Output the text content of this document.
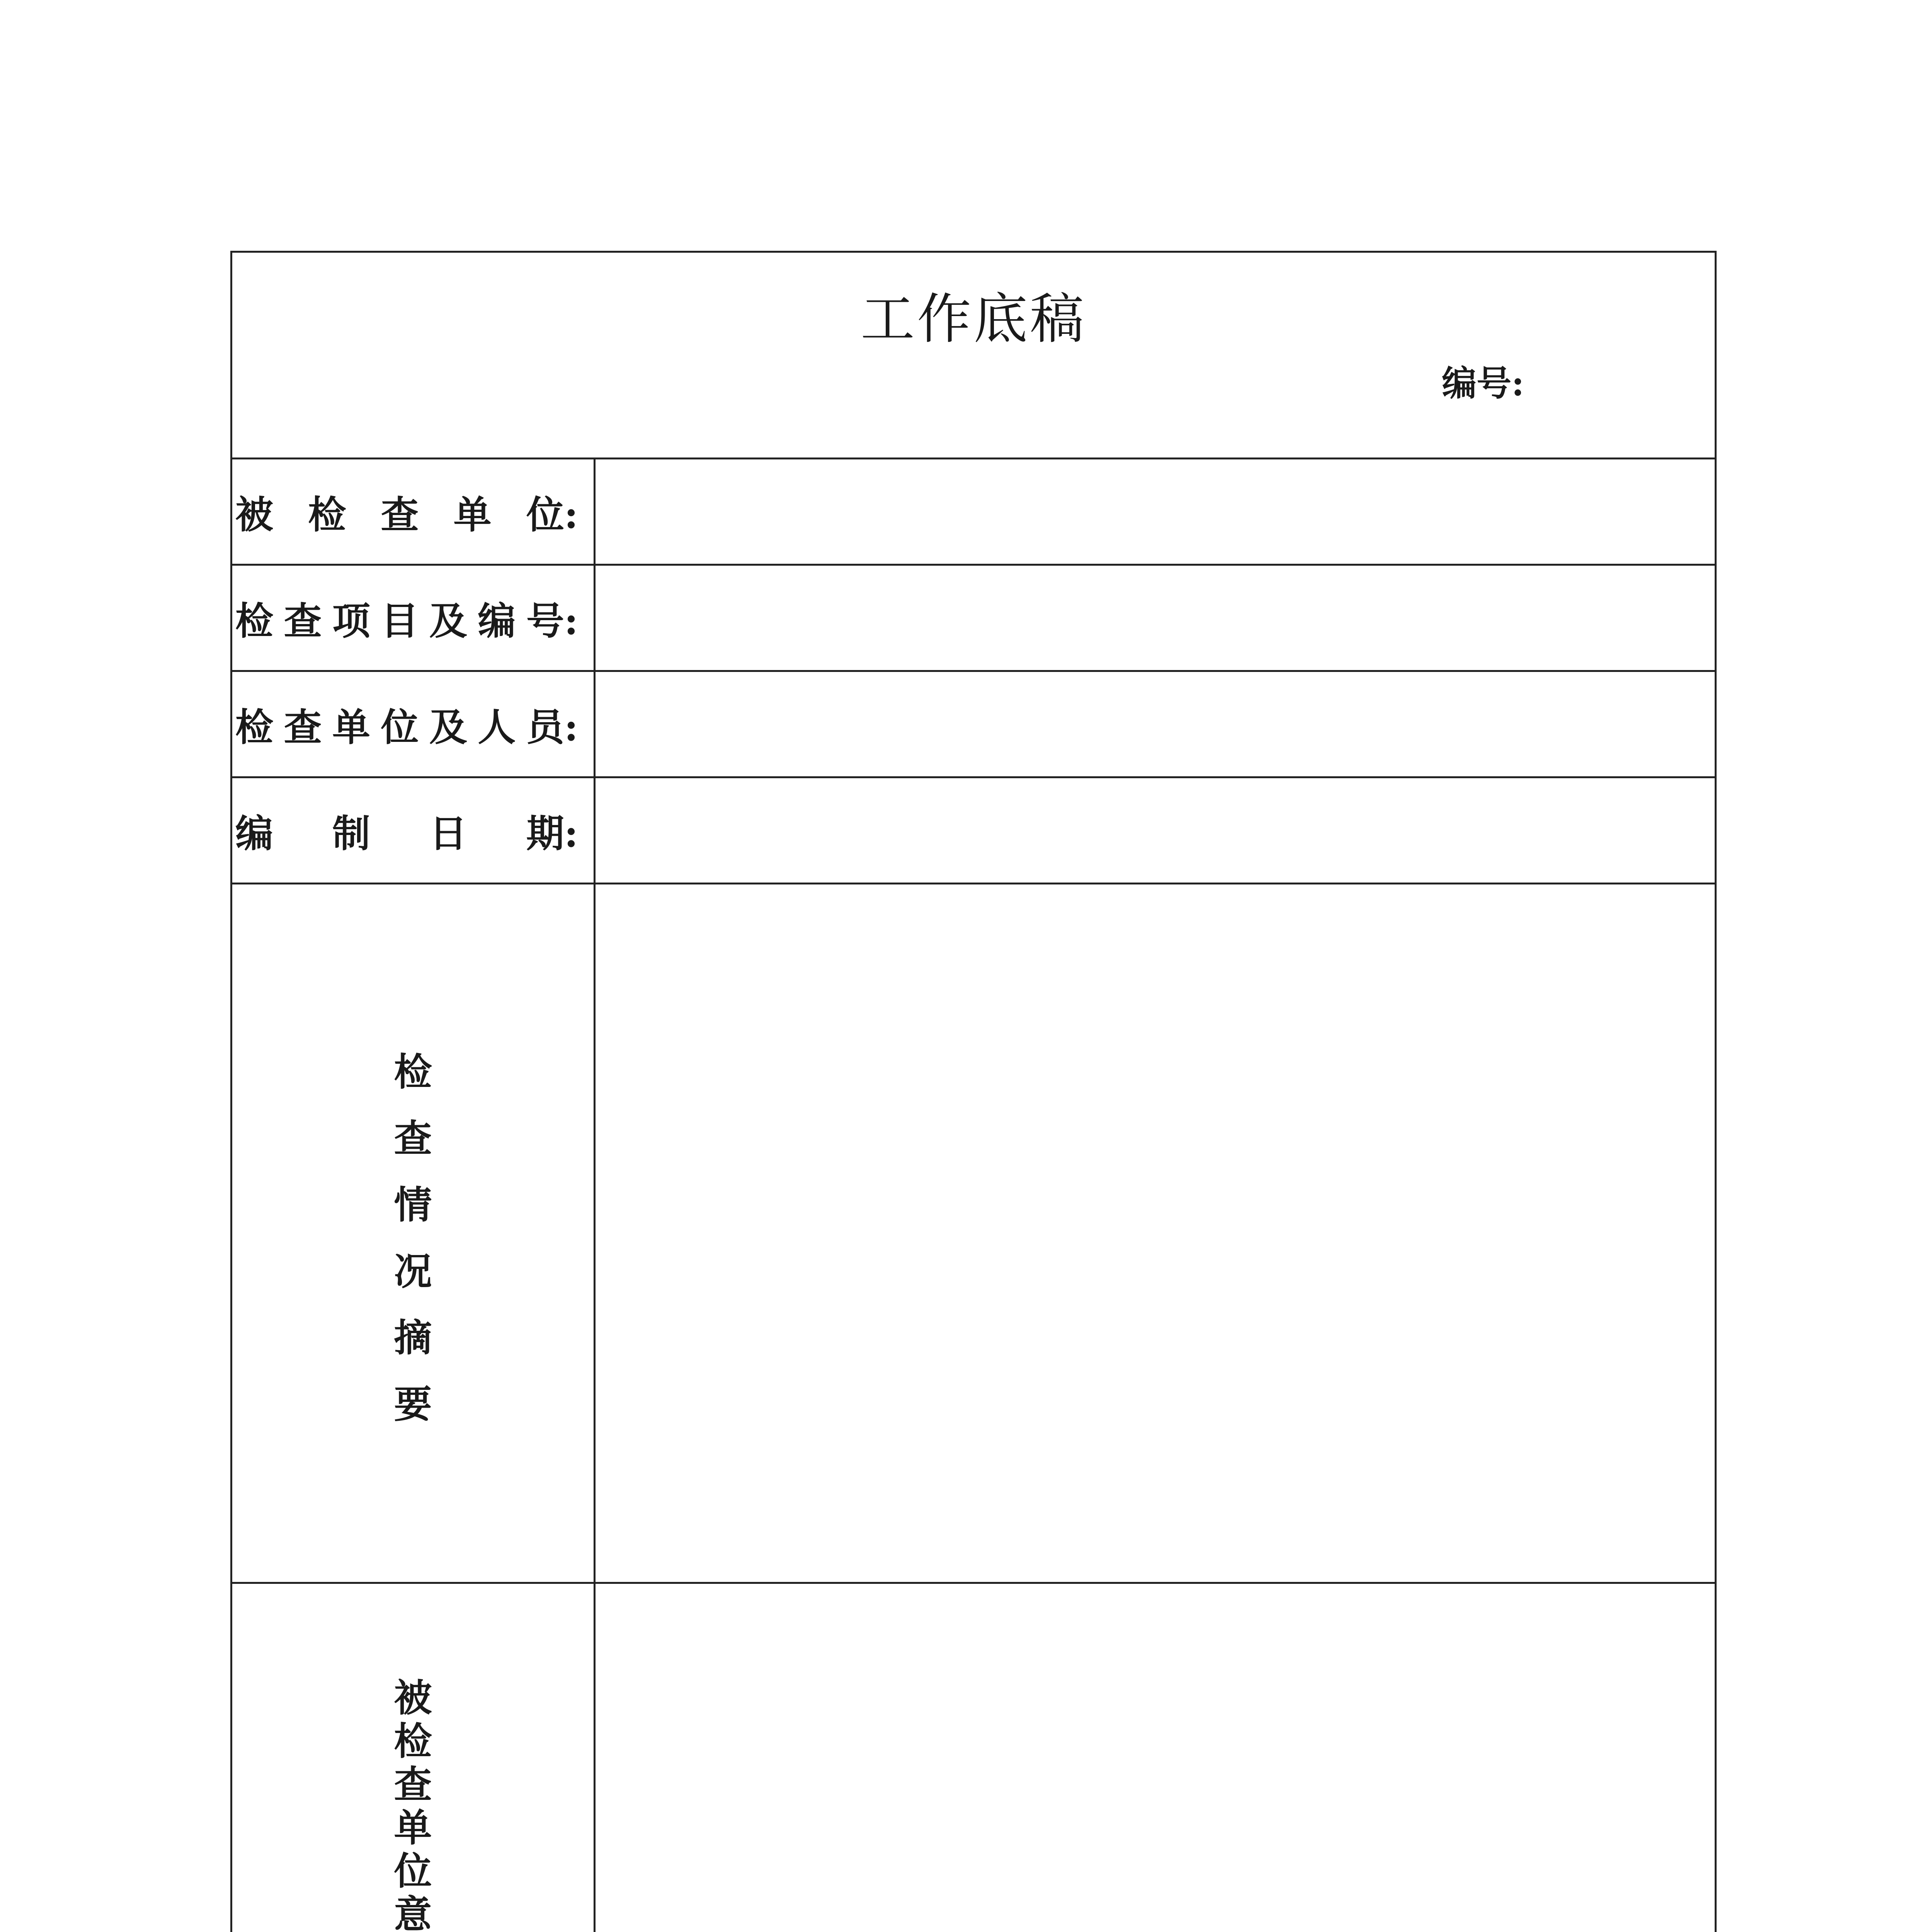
工作底稿
编号:
被 检 查 单 位:
检 查 项 目 及 编 号:
检 查 单 位 及 人 员:
编 制 日 期:
检
查
情
况
摘
要
被
检
查
单
位
意
